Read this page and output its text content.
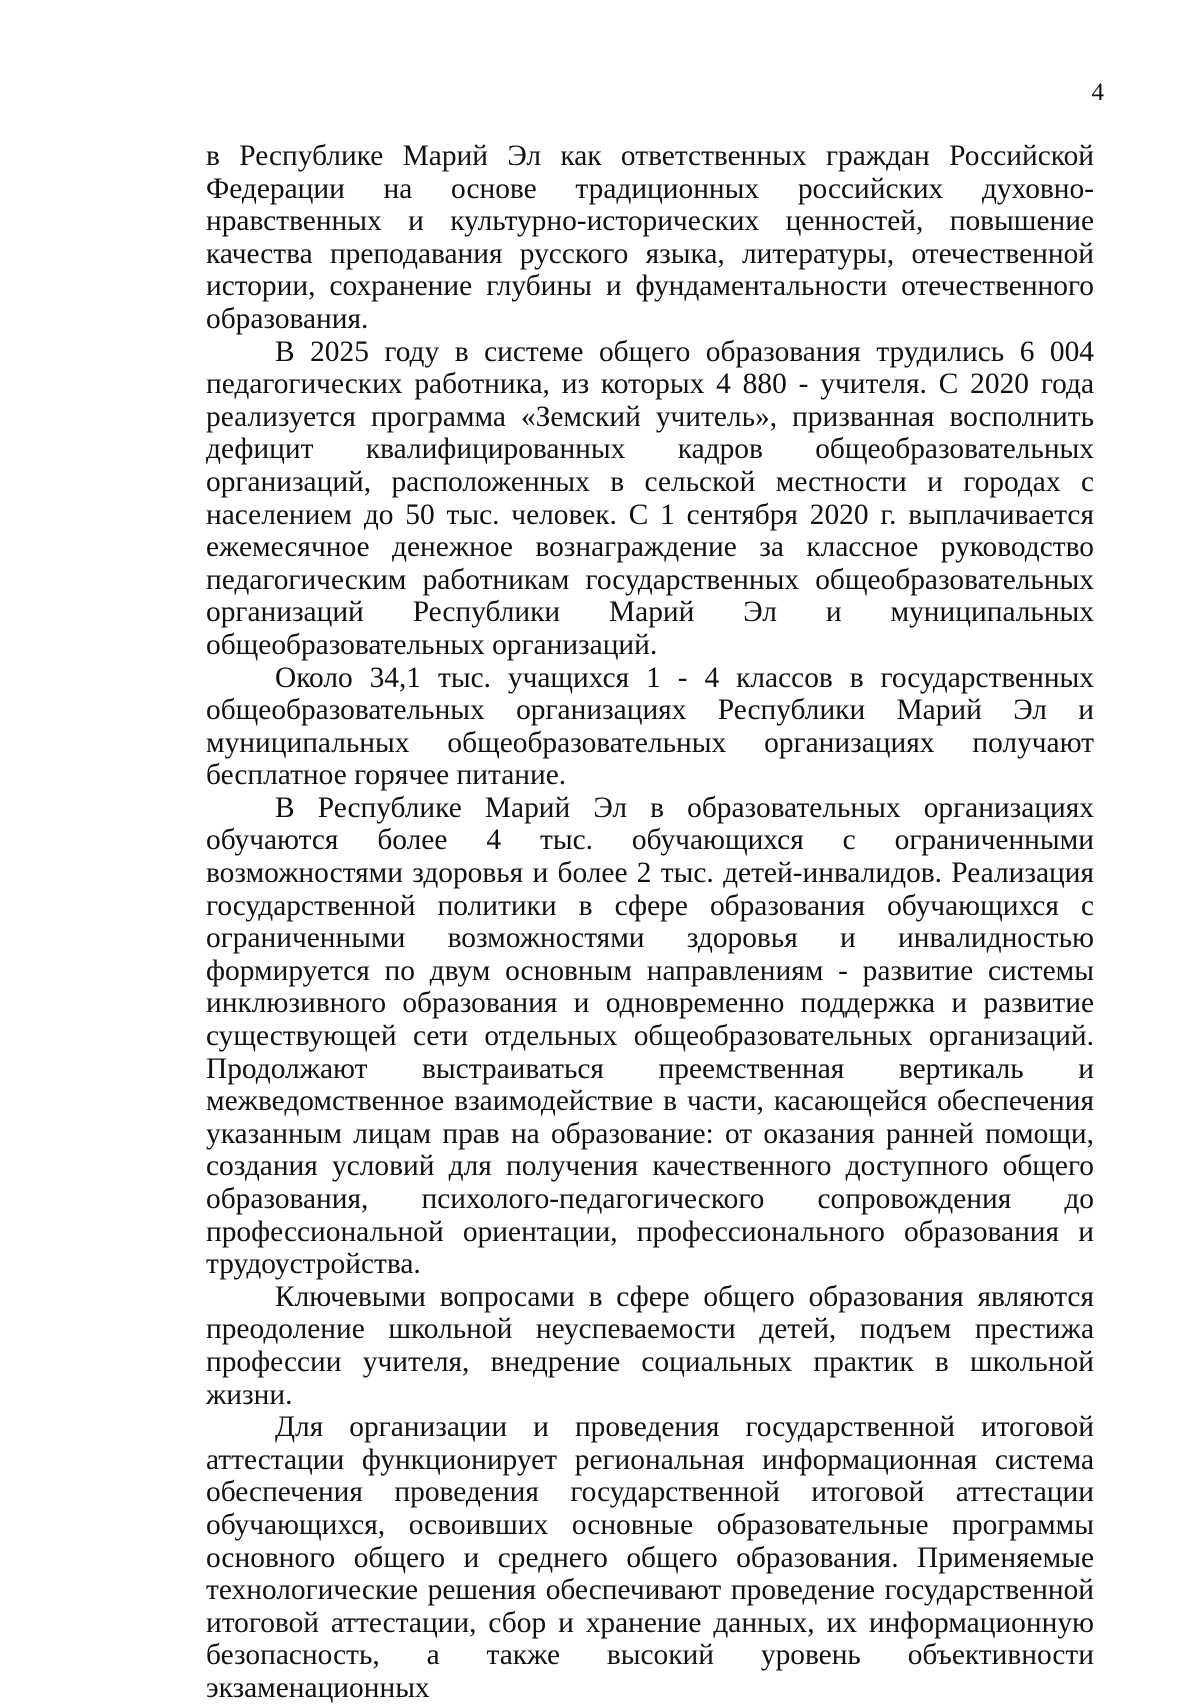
4

в Республике Марий Эл как ответственных граждан Российской Федерации на основе традиционных российских духовно-нравственных и культурно-исторических ценностей, повышение качества преподавания русского языка, литературы, отечественной истории, сохранение глубины и фундаментальности отечественного образования.

В 2025 году в системе общего образования трудились 6 004 педагогических работника, из которых 4 880 - учителя. С 2020 года реализуется программа «Земский учитель», призванная восполнить дефицит квалифицированных кадров общеобразовательных организаций, расположенных в сельской местности и городах с населением до 50 тыс. человек. С 1 сентября 2020 г. выплачивается ежемесячное денежное вознаграждение за классное руководство педагогическим работникам государственных общеобразовательных организаций Республики Марий Эл и муниципальных общеобразовательных организаций.

Около 34,1 тыс. учащихся 1 - 4 классов в государственных общеобразовательных организациях Республики Марий Эл и муниципальных общеобразовательных организациях получают бесплатное горячее питание.

В Республике Марий Эл в образовательных организациях обучаются более 4 тыс. обучающихся с ограниченными возможностями здоровья и более 2 тыс. детей-инвалидов. Реализация государственной политики в сфере образования обучающихся с ограниченными возможностями здоровья и инвалидностью формируется по двум основным направлениям - развитие системы инклюзивного образования и одновременно поддержка и развитие существующей сети отдельных общеобразовательных организаций. Продолжают выстраиваться преемственная вертикаль и межведомственное взаимодействие в части, касающейся обеспечения указанным лицам прав на образование: от оказания ранней помощи, создания условий для получения качественного доступного общего образования, психолого-педагогического сопровождения до профессиональной ориентации, профессионального образования и трудоустройства.

Ключевыми вопросами в сфере общего образования являются преодоление школьной неуспеваемости детей, подъем престижа профессии учителя, внедрение социальных практик в школьной жизни.

Для организации и проведения государственной итоговой аттестации функционирует региональная информационная система обеспечения проведения государственной итоговой аттестации обучающихся, освоивших основные образовательные программы основного общего и среднего общего образования. Применяемые технологические решения обеспечивают проведение государственной итоговой аттестации, сбор и хранение данных, их информационную безопасность, а также высокий уровень объективности экзаменационных
